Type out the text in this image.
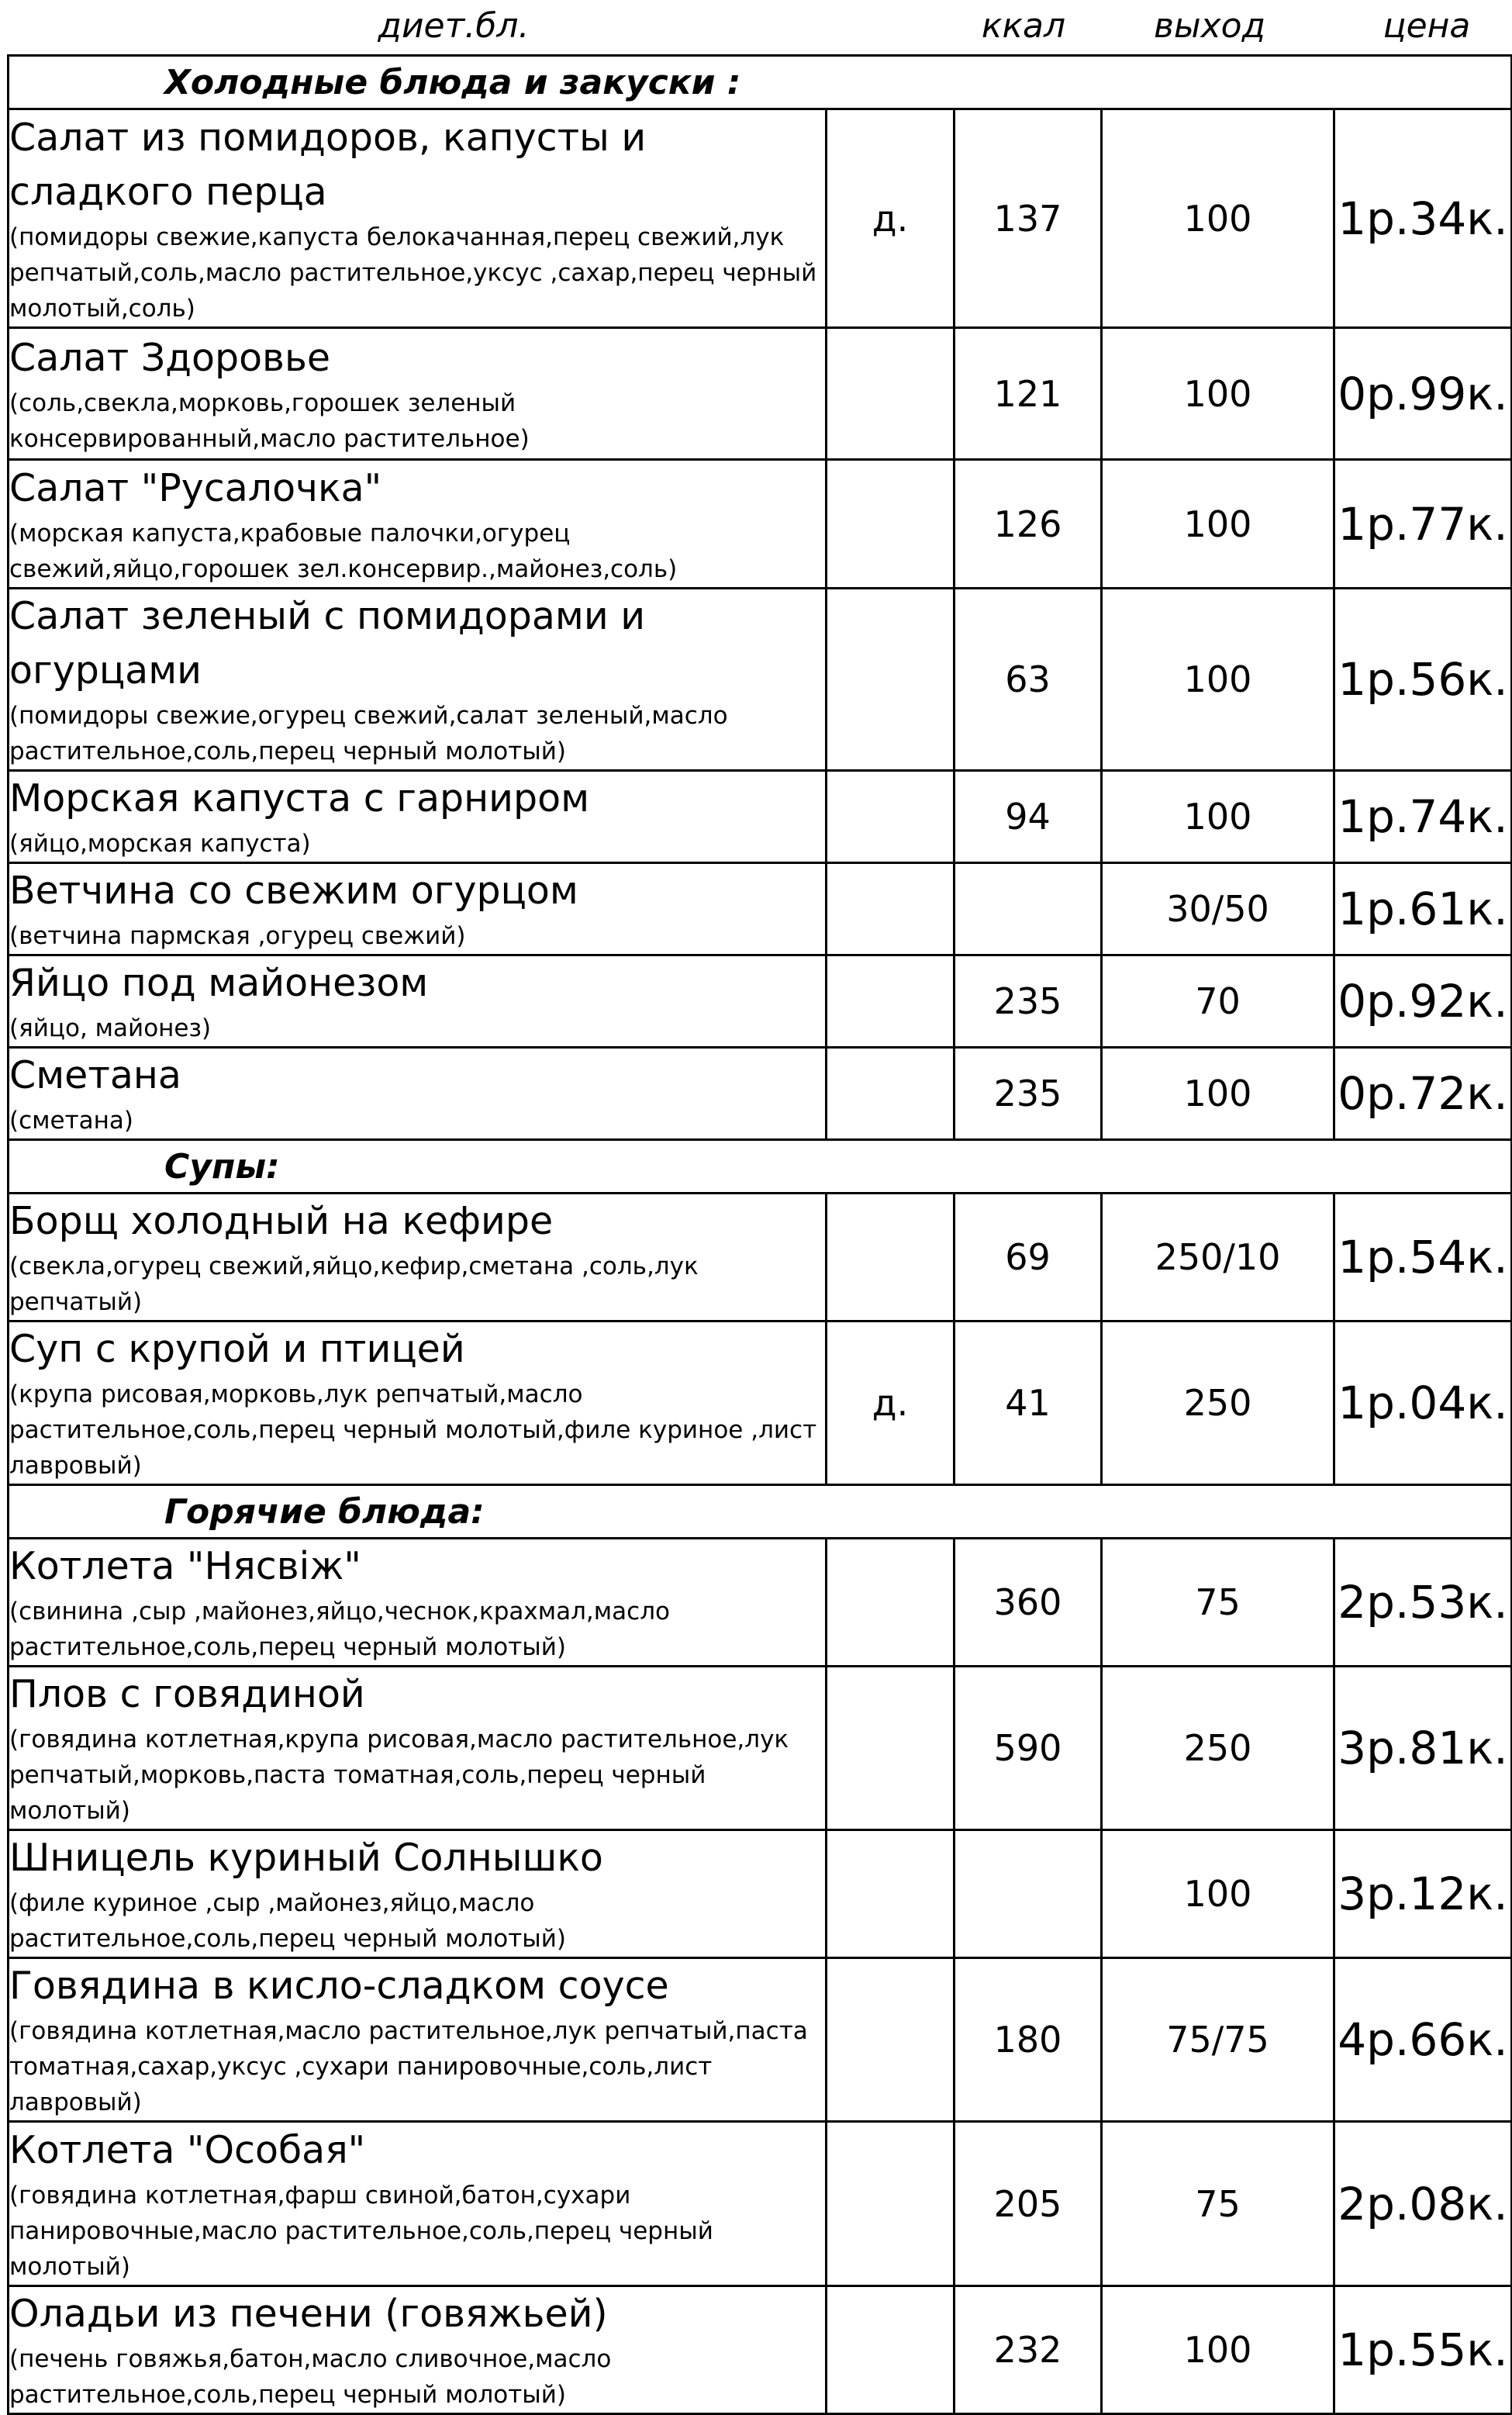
диет.бл.	ккал	выход	цена
Холодные блюда и закуски :				

Салат из помидоров, капусты и сладкого перца
(помидоры свежие,капуста белокачанная,перец свежий,лук репчатый,соль,масло растительное,уксус ,сахар,перец черный молотый,соль)	д.	137	100	1р.34к.

Салат Здоровье
(соль,свекла,морковь,горошек зеленый консервированный,масло растительное)		121	100	0р.99к.

Салат "Русалочка"
(морская капуста,крабовые палочки,огурец свежий,яйцо,горошек зел.консервир.,майонез,соль)		126	100	1р.77к.

Салат зеленый с помидорами и огурцами
(помидоры свежие,огурец свежий,салат зеленый,масло растительное,соль,перец черный молотый)		63	100	1р.56к.

Морская капуста с гарниром
(яйцо,морская капуста)		94	100	1р.74к.

Ветчина со свежим огурцом
(ветчина пармская ,огурец свежий)			30/50	1р.61к.

Яйцо под майонезом
(яйцо, майонез)		235	70	0р.92к.

Сметана
(сметана)		235	100	0р.72к.
Супы:				

Борщ холодный на кефире
(свекла,огурец свежий,яйцо,кефир,сметана ,соль,лук репчатый)		69	250/10	1р.54к.

Суп с крупой и птицей
(крупа рисовая,морковь,лук репчатый,масло растительное,соль,перец черный молотый,филе куриное ,лист лавровый)	д.	41	250	1р.04к.
Горячие блюда:				

Котлета "Нясвіж"
(свинина ,сыр ,майонез,яйцо,чеснок,крахмал,масло растительное,соль,перец черный молотый)		360	75	2р.53к.

Плов с говядиной
(говядина котлетная,крупа рисовая,масло растительное,лук репчатый,морковь,паста томатная,соль,перец черный молотый)		590	250	3р.81к.

Шницель куриный Солнышко
(филе куриное ,сыр ,майонез,яйцо,масло растительное,соль,перец черный молотый)			100	3р.12к.

Говядина в кисло-сладком соусе
(говядина котлетная,масло растительное,лук репчатый,паста томатная,сахар,уксус ,сухари панировочные,соль,лист лавровый)		180	75/75	4р.66к.

Котлета "Особая"
(говядина котлетная,фарш свиной,батон,сухари панировочные,масло растительное,соль,перец черный молотый)		205	75	2р.08к.

Оладьи из печени (говяжьей)
(печень говяжья,батон,масло сливочное,масло растительное,соль,перец черный молотый)		232	100	1р.55к.
